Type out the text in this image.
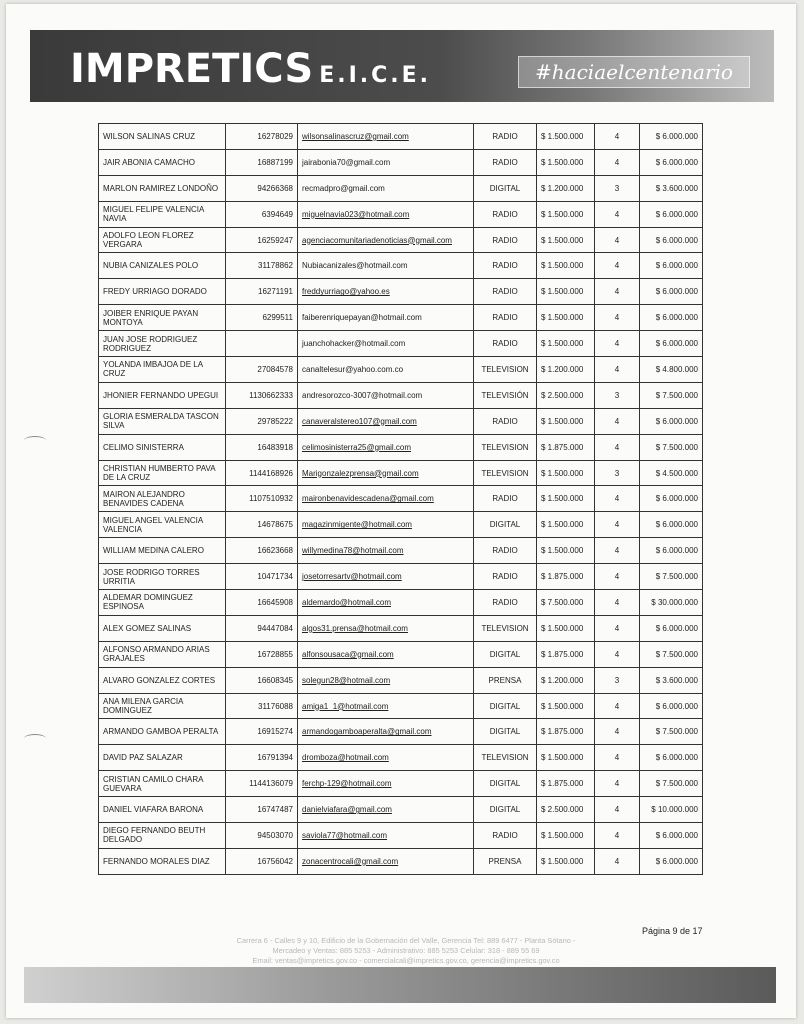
IMPRETICS E.I.C.E.	#haciaelcentenario
WILSON SALINAS CRUZ	16278029	wilsonsalinascruz@gmail.com	RADIO	$ 1.500.000	4	$ 6.000.000
JAIR ABONIA CAMACHO	16887199	jairabonia70@gmail.com	RADIO	$ 1.500.000	4	$ 6.000.000
MARLON RAMIREZ LONDOÑO	94266368	recmadpro@gmail.com	DIGITAL	$ 1.200.000	3	$ 3.600.000
MIGUEL FELIPE VALENCIA NAVIA	6394649	miguelnavia023@hotmail.com	RADIO	$ 1.500.000	4	$ 6.000.000
ADOLFO LEON FLOREZ VERGARA	16259247	agenciacomunitariadenoticias@gmail.com	RADIO	$ 1.500.000	4	$ 6.000.000
NUBIA CANIZALES POLO	31178862	Nubiacanizales@hotmail.com	RADIO	$ 1.500.000	4	$ 6.000.000
FREDY URRIAGO DORADO	16271191	freddyurriago@yahoo.es	RADIO	$ 1.500.000	4	$ 6.000.000
JOIBER ENRIQUE PAYAN MONTOYA	6299511	faiberenriquepayan@hotmail.com	RADIO	$ 1.500.000	4	$ 6.000.000
JUAN JOSE RODRIGUEZ RODRIGUEZ		juanchohacker@hotmail.com	RADIO	$ 1.500.000	4	$ 6.000.000
YOLANDA IMBAJOA DE LA CRUZ	27084578	canaltelesur@yahoo.com.co	TELEVISION	$ 1.200.000	4	$ 4.800.000
JHONIER FERNANDO UPEGUI	1130662333	andresorozco-3007@hotmail.com	TELEVISIÓN	$ 2.500.000	3	$ 7.500.000
GLORIA ESMERALDA TASCON SILVA	29785222	canaveralstereo107@gmail.com	RADIO	$ 1.500.000	4	$ 6.000.000
CELIMO SINISTERRA	16483918	celimosinisterra25@gmail.com	TELEVISION	$ 1.875.000	4	$ 7.500.000
CHRISTIAN HUMBERTO PAVA DE LA CRUZ	1144168926	Marigonzalezprensa@gmail.com	TELEVISION	$ 1.500.000	3	$ 4.500.000
MAIRON ALEJANDRO BENAVIDES CADENA	1107510932	maironbenavidescadena@gmail.com	RADIO	$ 1.500.000	4	$ 6.000.000
MIGUEL ANGEL VALENCIA VALENCIA	14678675	magazinmigente@hotmail.com	DIGITAL	$ 1.500.000	4	$ 6.000.000
WILLIAM MEDINA CALERO	16623668	willymedina78@hotmail.com	RADIO	$ 1.500.000	4	$ 6.000.000
JOSE RODRIGO TORRES URRITIA	10471734	josetorresartv@hotmail.com	RADIO	$ 1.875.000	4	$ 7.500.000
ALDEMAR DOMINGUEZ ESPINOSA	16645908	aldemardo@hotmail.com	RADIO	$ 7.500.000	4	$ 30.000.000
ALEX GOMEZ SALINAS	94447084	algos31.prensa@hotmail.com	TELEVISION	$ 1.500.000	4	$ 6.000.000
ALFONSO ARMANDO ARIAS GRAJALES	16728855	alfonsousaca@gmail.com	DIGITAL	$ 1.875.000	4	$ 7.500.000
ALVARO GONZALEZ CORTES	16608345	solegun28@hotmail.com	PRENSA	$ 1.200.000	3	$ 3.600.000
ANA MILENA GARCIA DOMINGUEZ	31176088	amiga1_1@hotmail.com	DIGITAL	$ 1.500.000	4	$ 6.000.000
ARMANDO GAMBOA PERALTA	16915274	armandogamboaperalta@gmail.com	DIGITAL	$ 1.875.000	4	$ 7.500.000
DAVID PAZ SALAZAR	16791394	dromboza@hotmail.com	TELEVISION	$ 1.500.000	4	$ 6.000.000
CRISTIAN CAMILO CHARA GUEVARA	1144136079	ferchp-129@hotmail.com	DIGITAL	$ 1.875.000	4	$ 7.500.000
DANIEL VIAFARA BARONA	16747487	danielviafara@gmail.com	DIGITAL	$ 2.500.000	4	$ 10.000.000
DIEGO FERNANDO BEUTH DELGADO	94503070	saviola77@hotmail.com	RADIO	$ 1.500.000	4	$ 6.000.000
FERNANDO MORALES DIAZ	16756042	zonacentrocali@gmail.com	PRENSA	$ 1.500.000	4	$ 6.000.000
Página 9 de 17
Carrera 6 - Calles 9 y 10, Edificio de la Gobernación del Valle, Gerencia Tel: 889 6477 - Planta Sótano -
Mercadeo y Ventas: 885 5253 - Administrativo: 885 5253 Celular: 318 - 889 55 69
Email: ventas@impretics.gov.co - comercialcali@impretics.gov.co, gerencia@impretics.gov.co
